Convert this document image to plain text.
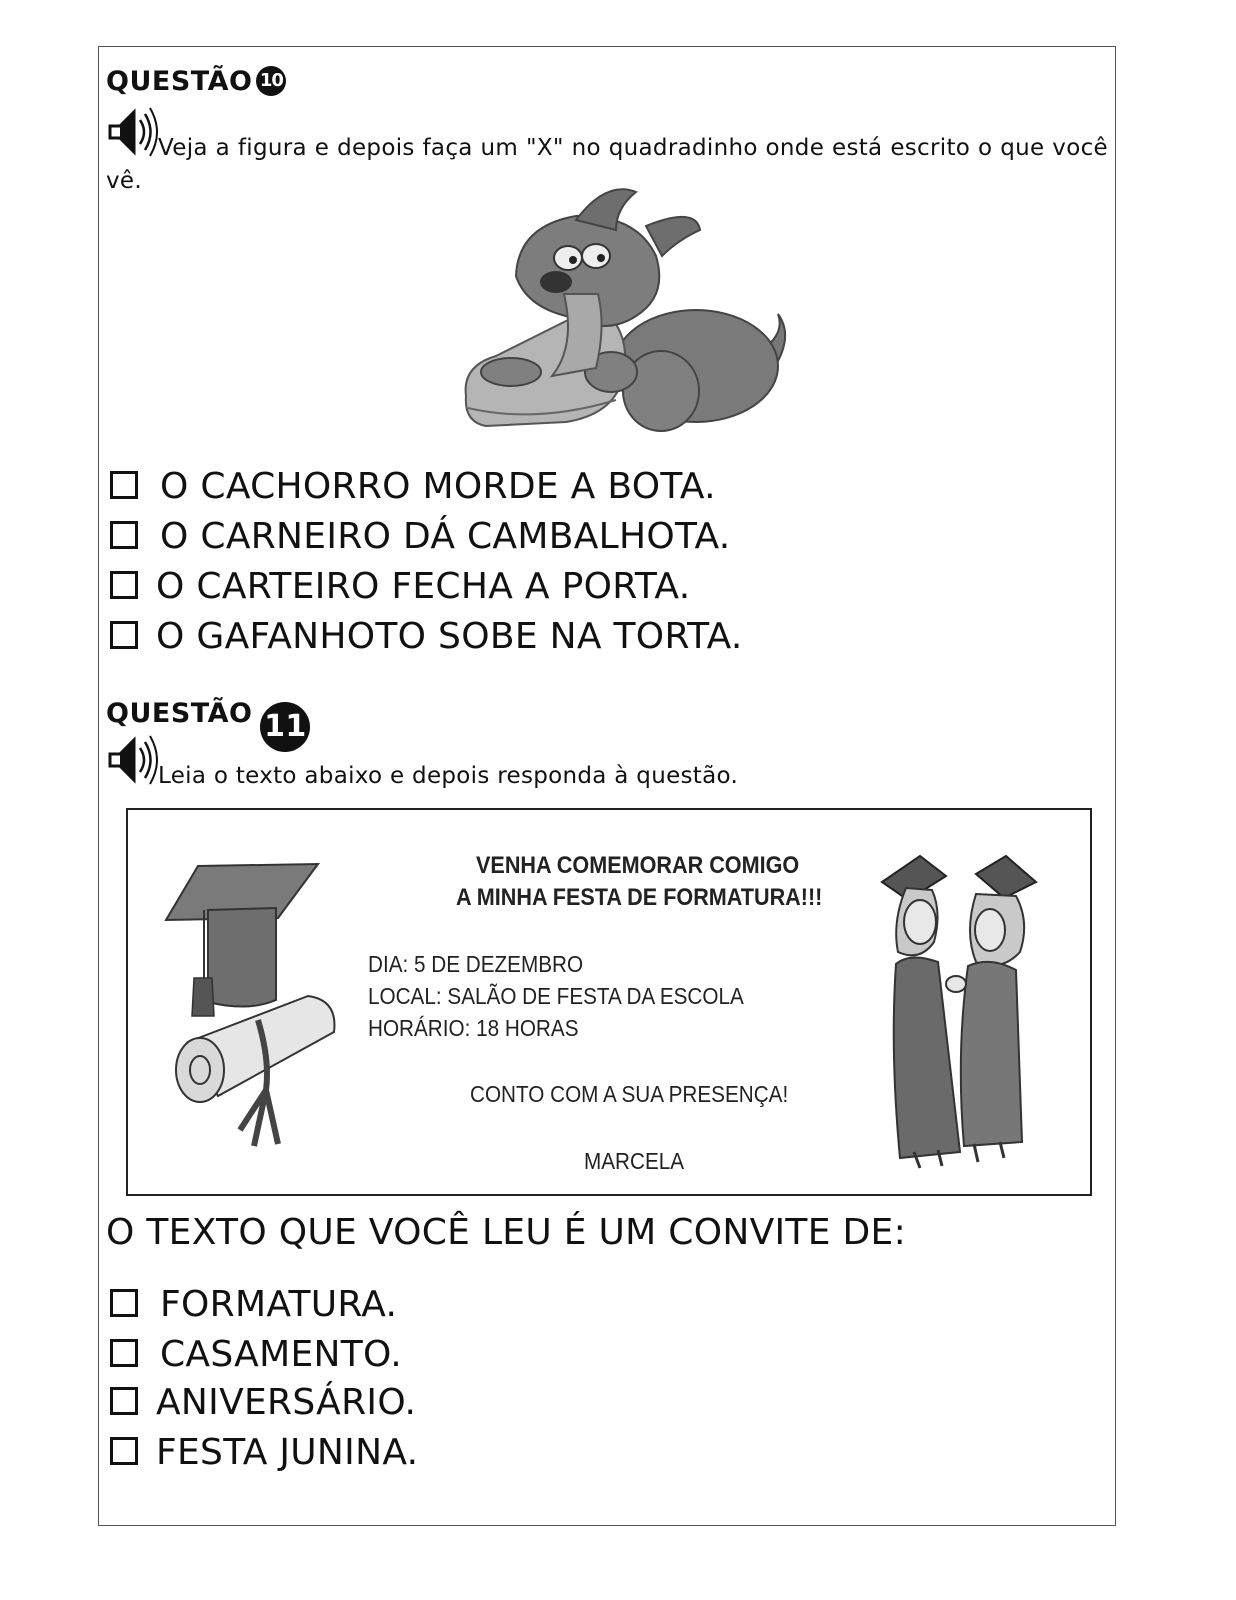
QUESTÃO 10
Veja a figura e depois faça um "X" no quadradinho onde está escrito o que você vê.
O CACHORRO MORDE A BOTA.
O CARNEIRO DÁ CAMBALHOTA.
O CARTEIRO FECHA A PORTA.
O GAFANHOTO SOBE NA TORTA.
QUESTÃO 11
Leia o texto abaixo e depois responda à questão.
VENHA COMEMORAR COMIGO
A MINHA FESTA DE FORMATURA!!!
DIA: 5 DE DEZEMBRO
LOCAL: SALÃO DE FESTA DA ESCOLA
HORÁRIO: 18 HORAS
CONTO COM A SUA PRESENÇA!
MARCELA
O TEXTO QUE VOCÊ LEU É UM CONVITE DE:
FORMATURA.
CASAMENTO.
ANIVERSÁRIO.
FESTA JUNINA.
